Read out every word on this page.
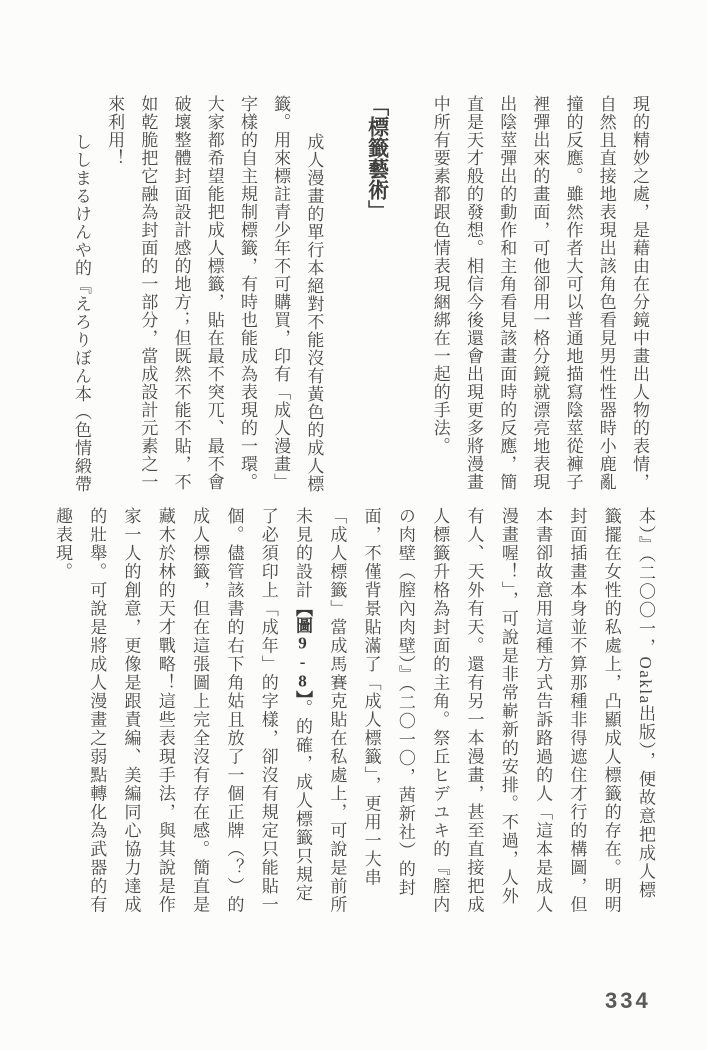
現的精妙之處，是藉由在分鏡中畫出人物的表情，自然且直接地表現出該角色看見男性性器時小鹿亂撞的反應。雖然作者大可以普通地描寫陰莖從褲子裡彈出來的畫面，可他卻用一格分鏡就漂亮地表現出陰莖彈出的動作和主角看見該畫面時的反應，簡直是天才般的發想。相信今後還會出現更多將漫畫中所有要素都跟色情表現綑綁在一起的手法。

「標籤藝術」

成人漫畫的單行本絕對不能沒有黃色的成人標籤。用來標註青少年不可購買，印有「成人漫畫」字樣的自主規制標籤，有時也能成為表現的一環。大家都希望能把成人標籤，貼在最不突兀、最不會破壞整體封面設計感的地方；但既然不能不貼，不如乾脆把它融為封面的一部分，當成設計元素之一來利用！

ししまるけんや的『えろりぼん本（色情緞帶

本）』（二〇〇一，Oakla出版），便故意把成人標籤擺在女性的私處上，凸顯成人標籤的存在。明明封面插畫本身並不算那種非得遮住才行的構圖，但本書卻故意用這種方式告訴路過的人「這本是成人漫畫喔！」，可說是非常嶄新的安排。不過，人外有人、天外有天。還有另一本漫畫，甚至直接把成人標籤升格為封面的主角。祭丘ヒデユキ的『膣内の肉壁（膣內肉壁）』（二〇一〇，茜新社）的封面，不僅背景貼滿了「成人標籤」，更用一大串「成人標籤」當成馬賽克貼在私處上，可說是前所未見的設計【圖9-8】。的確，成人標籤只規定了必須印上「成年」的字樣，卻沒有規定只能貼一個。儘管該書的右下角姑且放了一個正牌（？）的成人標籤，但在這張圖上完全沒有存在感。簡直是藏木於林的天才戰略！這些表現手法，與其說是作家一人的創意，更像是跟責編、美編同心協力達成的壯舉。可說是將成人漫畫之弱點轉化為武器的有趣表現。

334
